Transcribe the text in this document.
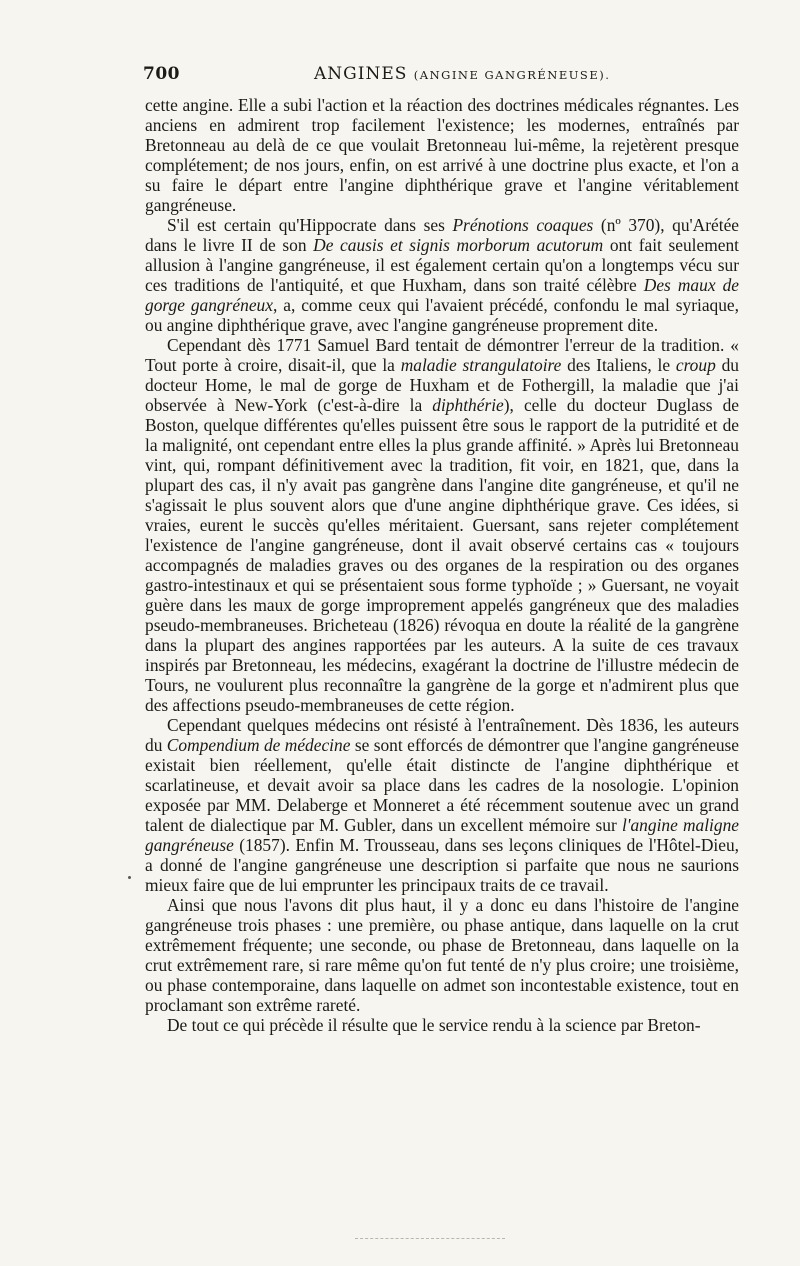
700	ANGINES (ANGINE GANGRÉNEUSE).

cette angine. Elle a subi l'action et la réaction des doctrines médicales régnantes. Les anciens en admirent trop facilement l'existence; les modernes, entraînés par Bretonneau au delà de ce que voulait Bretonneau lui-même, la rejetèrent presque complétement; de nos jours, enfin, on est arrivé à une doctrine plus exacte, et l'on a su faire le départ entre l'angine diphthérique grave et l'angine véritablement gangréneuse.

S'il est certain qu'Hippocrate dans ses Prénotions coaques (nº 370), qu'Arétée dans le livre II de son De causis et signis morborum acutorum ont fait seulement allusion à l'angine gangréneuse, il est également certain qu'on a longtemps vécu sur ces traditions de l'antiquité, et que Huxham, dans son traité célèbre Des maux de gorge gangréneux, a, comme ceux qui l'avaient précédé, confondu le mal syriaque, ou angine diphthérique grave, avec l'angine gangréneuse proprement dite.

Cependant dès 1771 Samuel Bard tentait de démontrer l'erreur de la tradition. « Tout porte à croire, disait-il, que la maladie strangulatoire des Italiens, le croup du docteur Home, le mal de gorge de Huxham et de Fothergill, la maladie que j'ai observée à New-York (c'est-à-dire la diphthérie), celle du docteur Duglass de Boston, quelque différentes qu'elles puissent être sous le rapport de la putridité et de la malignité, ont cependant entre elles la plus grande affinité. » Après lui Bretonneau vint, qui, rompant définitivement avec la tradition, fit voir, en 1821, que, dans la plupart des cas, il n'y avait pas gangrène dans l'angine dite gangréneuse, et qu'il ne s'agissait le plus souvent alors que d'une angine diphthérique grave. Ces idées, si vraies, eurent le succès qu'elles méritaient. Guersant, sans rejeter complétement l'existence de l'angine gangréneuse, dont il avait observé certains cas « toujours accompagnés de maladies graves ou des organes de la respiration ou des organes gastro-intestinaux et qui se présentaient sous forme typhoïde ; » Guersant, ne voyait guère dans les maux de gorge improprement appelés gangréneux que des maladies pseudo-membraneuses. Bricheteau (1826) révoqua en doute la réalité de la gangrène dans la plupart des angines rapportées par les auteurs. A la suite de ces travaux inspirés par Bretonneau, les médecins, exagérant la doctrine de l'illustre médecin de Tours, ne voulurent plus reconnaître la gangrène de la gorge et n'admirent plus que des affections pseudo-membraneuses de cette région.

Cependant quelques médecins ont résisté à l'entraînement. Dès 1836, les auteurs du Compendium de médecine se sont efforcés de démontrer que l'angine gangréneuse existait bien réellement, qu'elle était distincte de l'angine diphthérique et scarlatineuse, et devait avoir sa place dans les cadres de la nosologie. L'opinion exposée par MM. Delaberge et Monneret a été récemment soutenue avec un grand talent de dialectique par M. Gubler, dans un excellent mémoire sur l'angine maligne gangréneuse (1857). Enfin M. Trousseau, dans ses leçons cliniques de l'Hôtel-Dieu, a donné de l'angine gangréneuse une description si parfaite que nous ne saurions mieux faire que de lui emprunter les principaux traits de ce travail.

Ainsi que nous l'avons dit plus haut, il y a donc eu dans l'histoire de l'angine gangréneuse trois phases : une première, ou phase antique, dans laquelle on la crut extrêmement fréquente; une seconde, ou phase de Bretonneau, dans laquelle on la crut extrêmement rare, si rare même qu'on fut tenté de n'y plus croire; une troisième, ou phase contemporaine, dans laquelle on admet son incontestable existence, tout en proclamant son extrême rareté.

De tout ce qui précède il résulte que le service rendu à la science par Breton-
